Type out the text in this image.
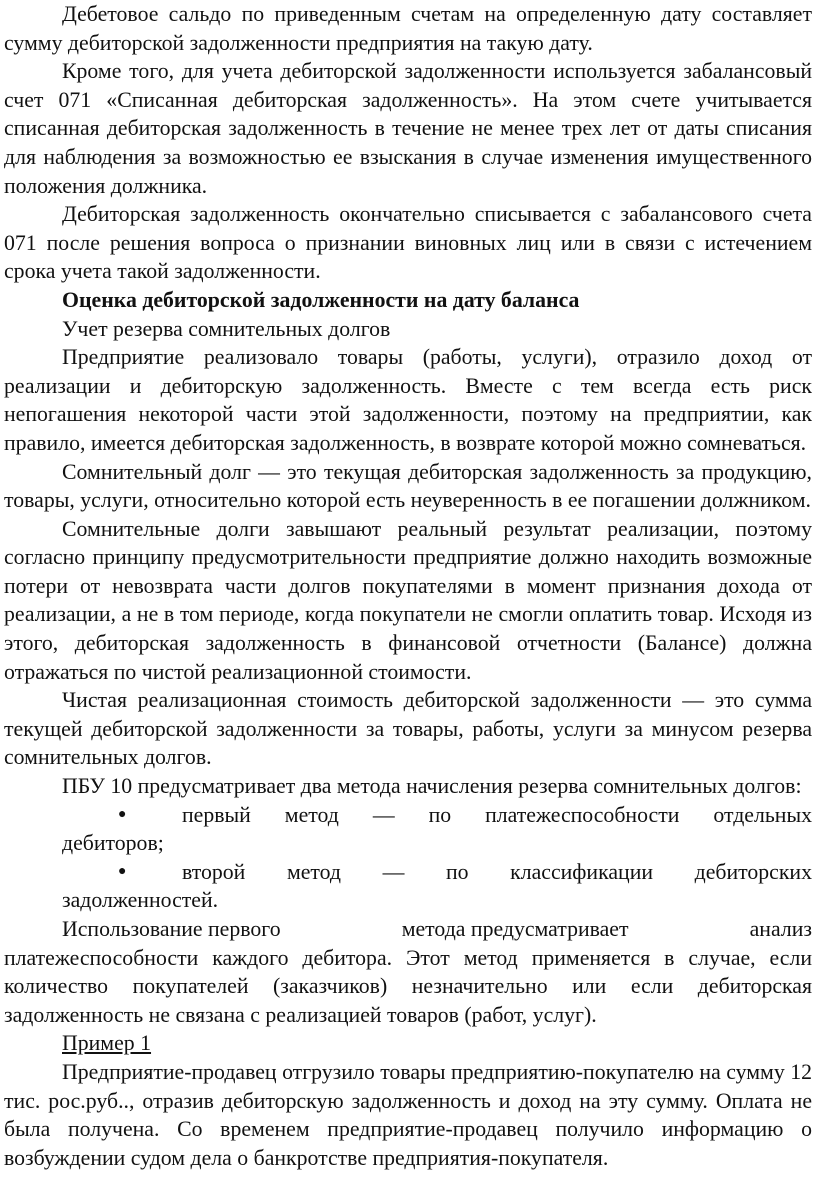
Дебетовое сальдо по приведенным счетам на определенную дату составляет сумму дебиторской задолженности предприятия на такую дату.

Кроме того, для учета дебиторской задолженности используется забалансовый счет 071 «Списанная дебиторская задолженность». На этом счете учитывается списанная дебиторская задолженность в течение не менее трех лет от даты списания для наблюдения за возможностью ее взыскания в случае изменения имущественного положения должника.

Дебиторская задолженность окончательно списывается с забалансового счета 071 после решения вопроса о признании виновных лиц или в связи с истечением срока учета такой задолженности.

Оценка дебиторской задолженности на дату баланса

Учет резерва сомнительных долгов

Предприятие реализовало товары (работы, услуги), отразило доход от реализации и дебиторскую задолженность. Вместе с тем всегда есть риск непогашения некоторой части этой задолженности, поэтому на предприятии, как правило, имеется дебиторская задолженность, в возврате которой можно сомневаться.

Сомнительный долг — это текущая дебиторская задолженность за продукцию, товары, услуги, относительно которой есть неуверенность в ее погашении должником.

Сомнительные долги завышают реальный результат реализации, поэтому согласно принципу предусмотрительности предприятие должно находить возможные потери от невозврата части долгов покупателями в момент признания дохода от реализации, а не в том периоде, когда покупатели не смогли оплатить товар. Исходя из этого, дебиторская задолженность в финансовой отчетности (Балансе) должна отражаться по чистой реализационной стоимости.

Чистая реализационная стоимость дебиторской задолженности — это сумма текущей дебиторской задолженности за товары, работы, услуги за минусом резерва сомнительных долгов.

ПБУ 10 предусматривает два метода начисления резерва сомнительных долгов:

●	первый метод — по платежеспособности отдельных
дебиторов;
●	второй метод — по классификации дебиторских
задолженностей.
Использование первого	метода предусматривает	анализ

платежеспособности каждого дебитора. Этот метод применяется в случае, если количество покупателей (заказчиков) незначительно или если дебиторская задолженность не связана с реализацией товаров (работ, услуг).

Пример 1

Предприятие-продавец отгрузило товары предприятию-покупателю на сумму 12 тис. рос.руб.., отразив дебиторскую задолженность и доход на эту сумму. Оплата не была получена. Со временем предприятие-продавец получило информацию о возбуждении судом дела о банкротстве предприятия-покупателя.
